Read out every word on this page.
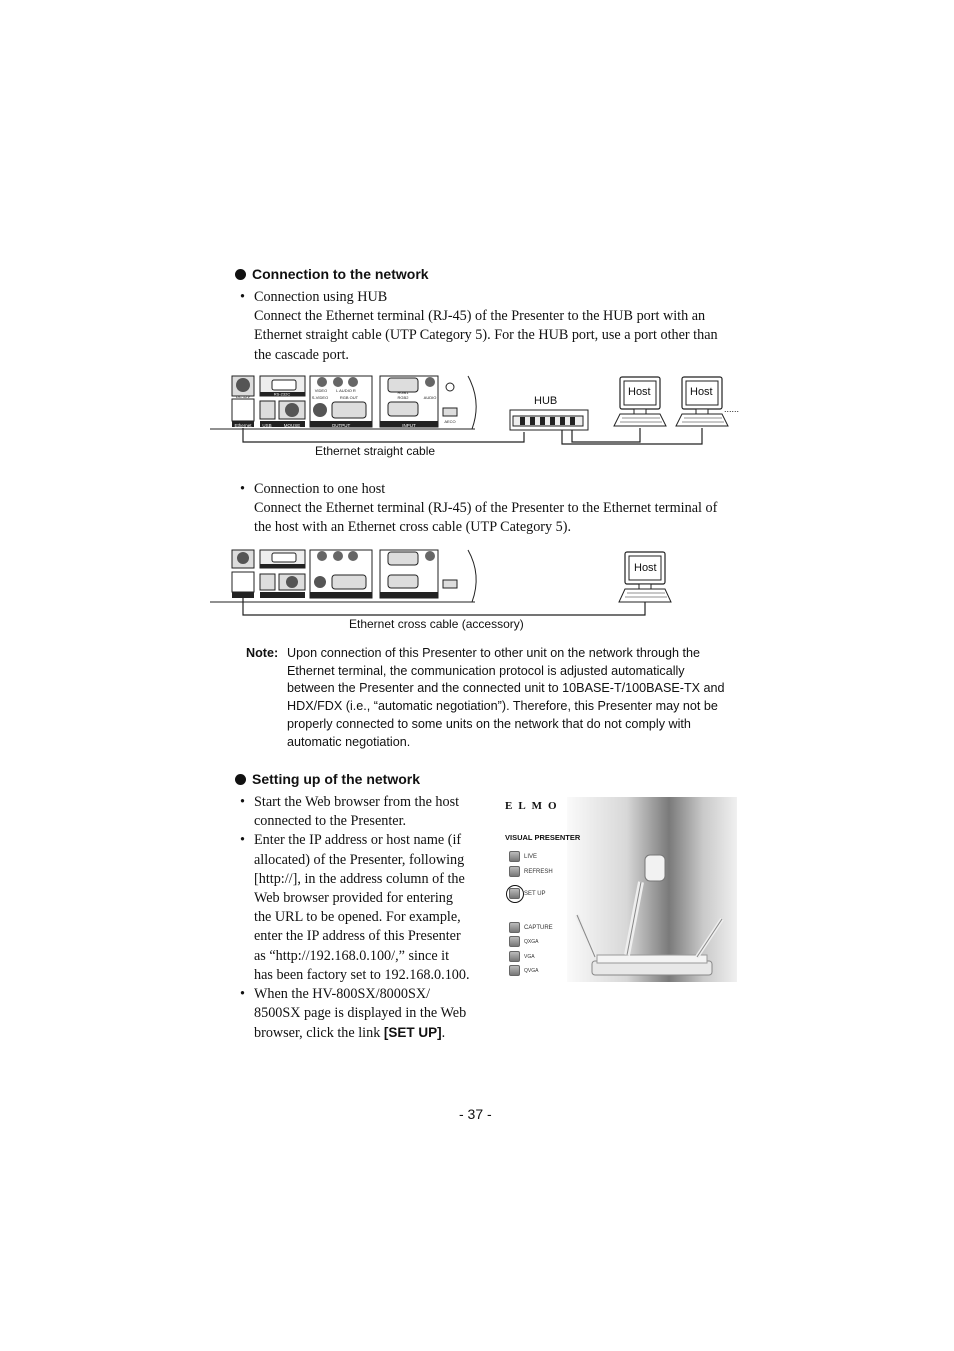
Connection to the network
• Connection using HUB
Connect the Ethernet terminal (RJ-45) of the Presenter to the HUB port with an
Ethernet straight cable (UTP Category 5). For the HUB port, use a port other than
the cascade port.
Ethernet USB	MOUSE	OUTPUT	INPUT
DC 12V	RS-232C
VIDEO L AUDIO R
S-VIDEO	RGB OUT	RGB2
RGB1
AUDIO
AECO
HUB
Host	Host
......
Ethernet straight cable
• Connection to one host
Connect the Ethernet terminal (RJ-45) of the Presenter to the Ethernet terminal of
the host with an Ethernet cross cable (UTP Category 5).
Host
Ethernet cross cable (accessory)
Note: Upon connection of this Presenter to other unit on the network through the
Ethernet terminal, the communication protocol is adjusted automatically
between the Presenter and the connected unit to 10BASE-T/100BASE-TX and
HDX/FDX (i.e., “automatic negotiation”). Therefore, this Presenter may not be
properly connected to some units on the network that do not comply with
automatic negotiation.
Setting up of the network
• Start the Web browser from the host
connected to the Presenter.
• Enter the IP address or host name (if
allocated) of the Presenter, following
[http://], in the address column of the
Web browser provided for entering
the URL to be opened. For example,
enter the IP address of this Presenter
as “http://192.168.0.100/,” since it
has been factory set to 192.168.0.100.
• When the HV-800SX/8000SX/
8500SX page is displayed in the Web
browser, click the link [SET UP].
ELMO
VISUAL PRESENTER
LIVE
REFRESH
SET UP
CAPTURE
QXGA
VGA
QVGA
- 37 -
